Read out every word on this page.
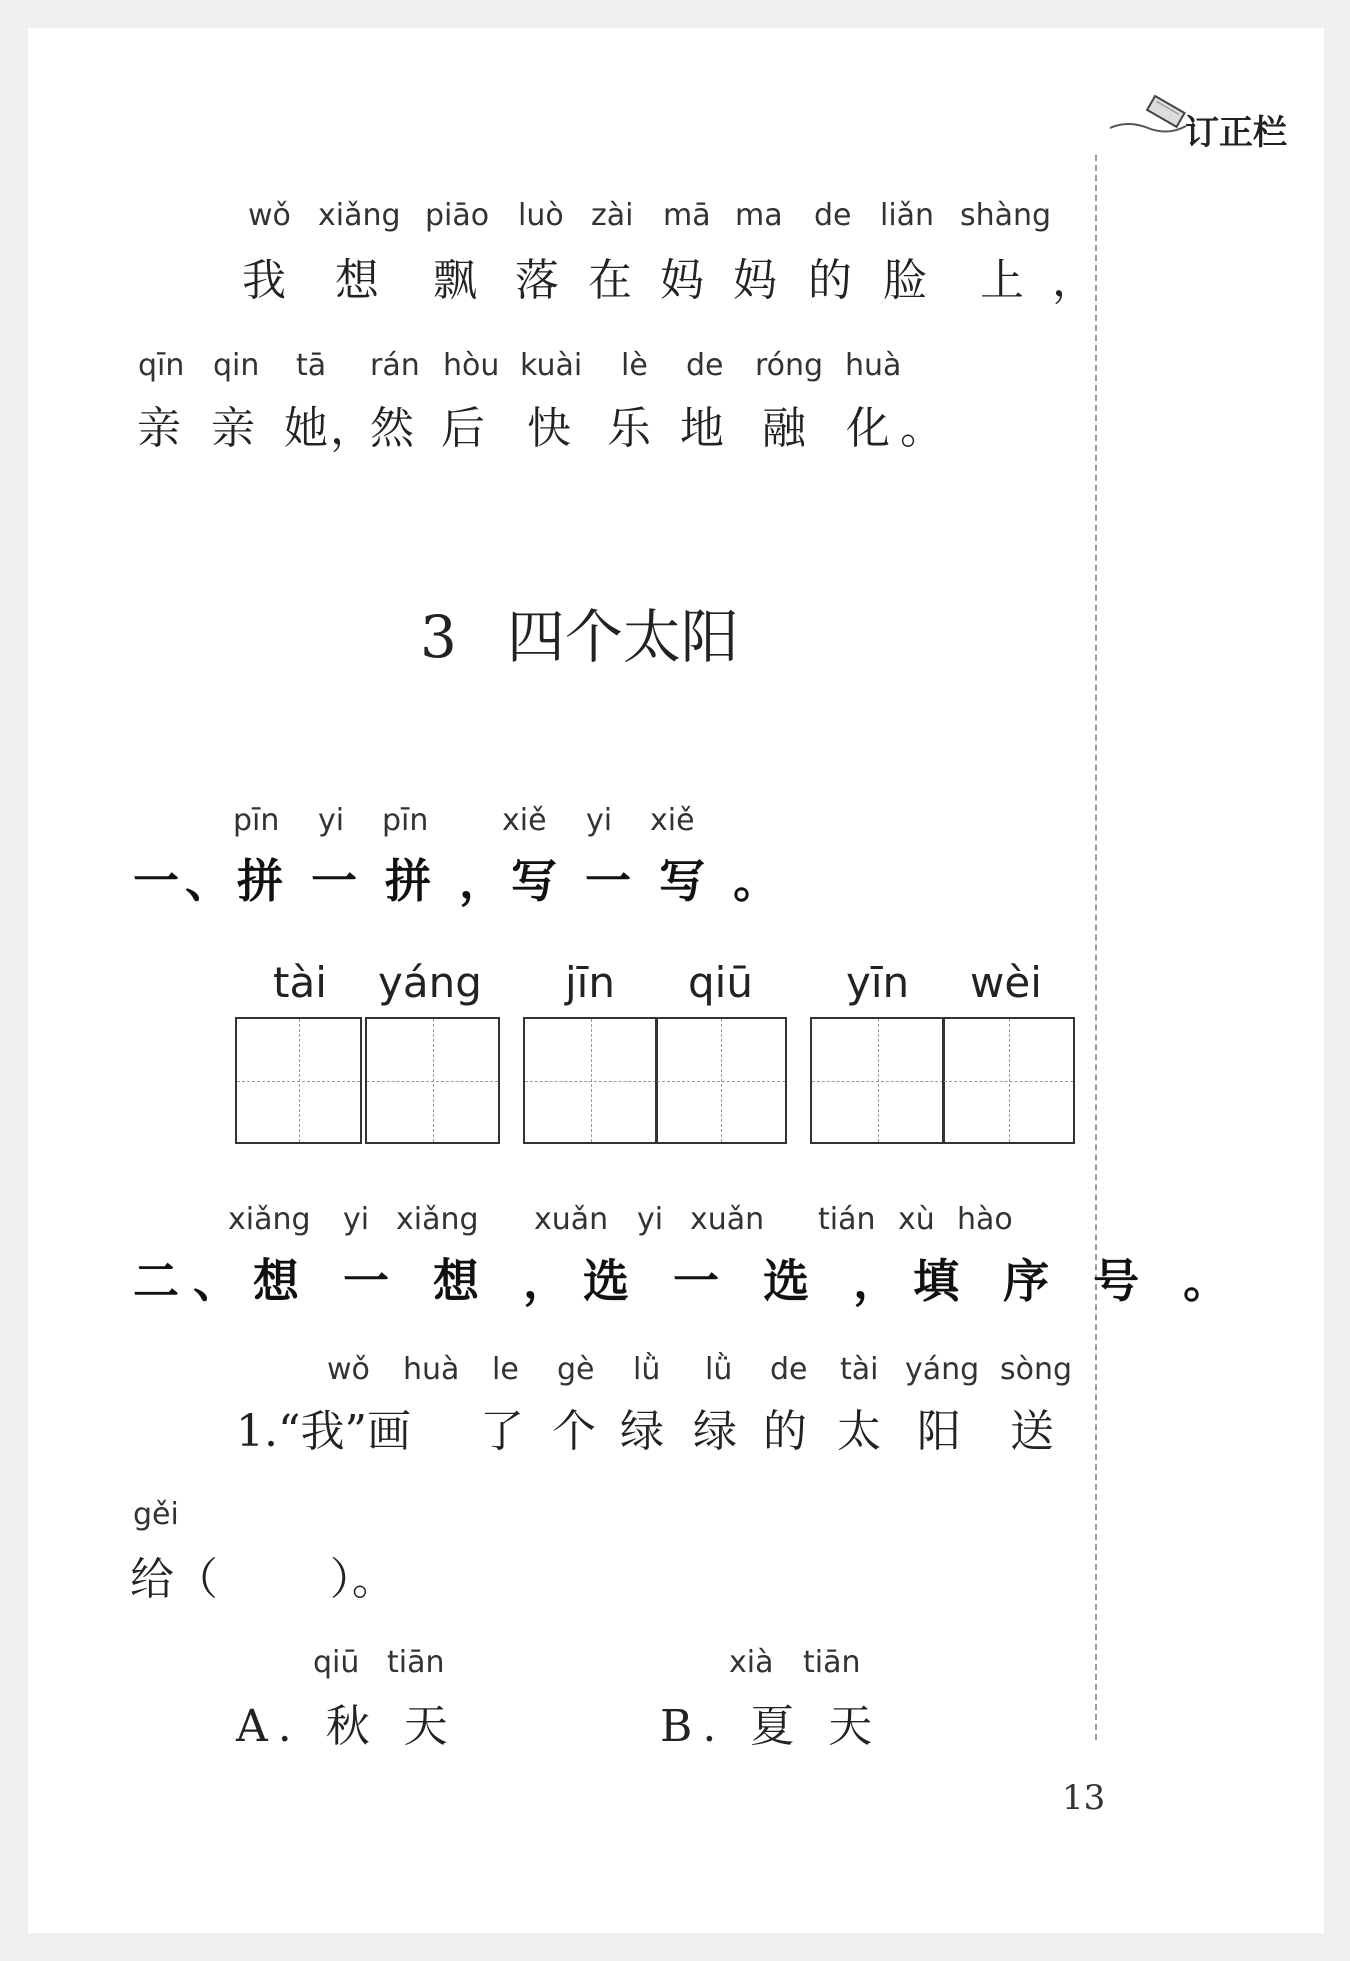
订正栏
wǒ xiǎng piāo luò zài mā ma de liǎn shàng
我 想 飘 落 在 妈 妈 的 脸 上 ，
qīn qin tā rán hòu kuài lè de róng huà
亲 亲 她 ，
然 后 快 乐 地 融 化 。
3 四个太阳
pīn yi pīn xiě yi xiě
一、拼 一 拼 ，写 一 写 。
tài yáng jīn qiū yīn wèi
xiǎng yi xiǎng xuǎn yi xuǎn tián xù hào
二、想 一 想 ，选 一 选 ，填 序 号 。
wǒ huà le gè lǜ lǜ de tài yáng sòng
1.“我”画 了 个 绿 绿 的 太 阳 送
gěi
给（        ）。
qiū tiān
A. 秋 天
xià tiān
B. 夏 天
13
